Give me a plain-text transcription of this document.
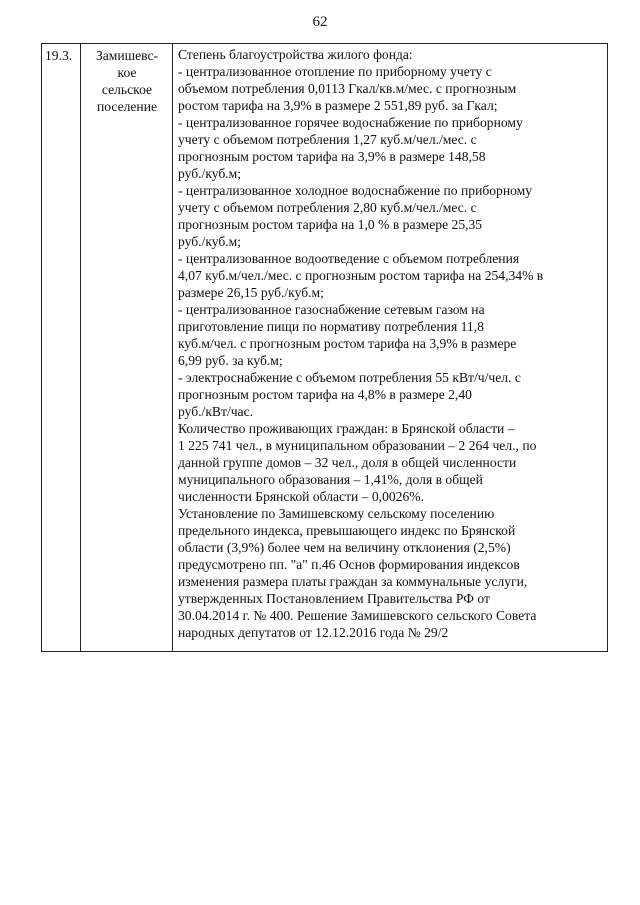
62
19.3.	Замишевс-
кое
сельское
поселение
Степень благоустройства жилого фонда:
- централизованное отопление по приборному учету с
объемом потребления 0,0113 Гкал/кв.м/мес. с прогнозным
ростом тарифа на 3,9% в размере 2 551,89 руб. за Гкал;
- централизованное горячее водоснабжение по приборному
учету с объемом потребления 1,27 куб.м/чел./мес. с
прогнозным ростом тарифа на 3,9% в размере 148,58
руб./куб.м;
- централизованное холодное водоснабжение по приборному
учету с объемом потребления 2,80 куб.м/чел./мес. с
прогнозным ростом тарифа на 1,0 % в размере 25,35
руб./куб.м;
- централизованное водоотведение с объемом потребления
4,07 куб.м/чел./мес. с прогнозным ростом тарифа на 254,34% в
размере 26,15 руб./куб.м;
- централизованное газоснабжение сетевым газом на
приготовление пищи по нормативу потребления 11,8
куб.м/чел. с прогнозным ростом тарифа на 3,9% в размере
6,99 руб. за куб.м;
- электроснабжение с объемом потребления 55 кВт/ч/чел. с
прогнозным ростом тарифа на 4,8% в размере 2,40
руб./кВт/час.
Количество проживающих граждан: в Брянской области –
1 225 741 чел., в муниципальном образовании – 2 264 чел., по
данной группе домов – 32 чел., доля в общей численности
муниципального образования – 1,41%, доля в общей
численности Брянской области – 0,0026%.
Установление по Замишевскому сельскому поселению
предельного индекса, превышающего индекс по Брянской
области (3,9%) более чем на величину отклонения (2,5%)
предусмотрено пп. "а" п.46 Основ формирования индексов
изменения размера платы граждан за коммунальные услуги,
утвержденных Постановлением Правительства РФ от
30.04.2014 г. № 400. Решение Замишевского сельского Совета
народных депутатов от 12.12.2016 года № 29/2
